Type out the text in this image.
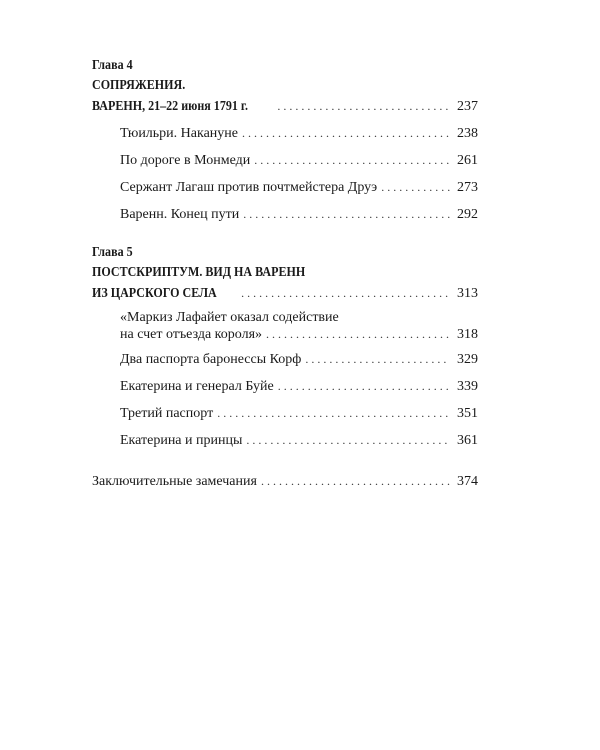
Глава 4
СОПРЯЖЕНИЯ.
ВАРЕНН, 21–22 июня 1791 г. . . .	237
Тюильри. Накануне . . .	238
По дороге в Монмеди . . .	261
Сержант Лагаш против почтмейстера Друэ . . .	273
Варенн. Конец пути . . .	292
Глава 5
ПОСТСКРИПТУМ. ВИД НА ВАРЕНН
ИЗ ЦАРСКОГО СЕЛА . . .	313
«Маркиз Лафайет оказал содействие
на счет отъезда короля» . . .	318
Два паспорта баронессы Корф . . .	329
Екатерина и генерал Буйе . . .	339
Третий паспорт . . .	351
Екатерина и принцы . . .	361
Заключительные замечания . . .	374
